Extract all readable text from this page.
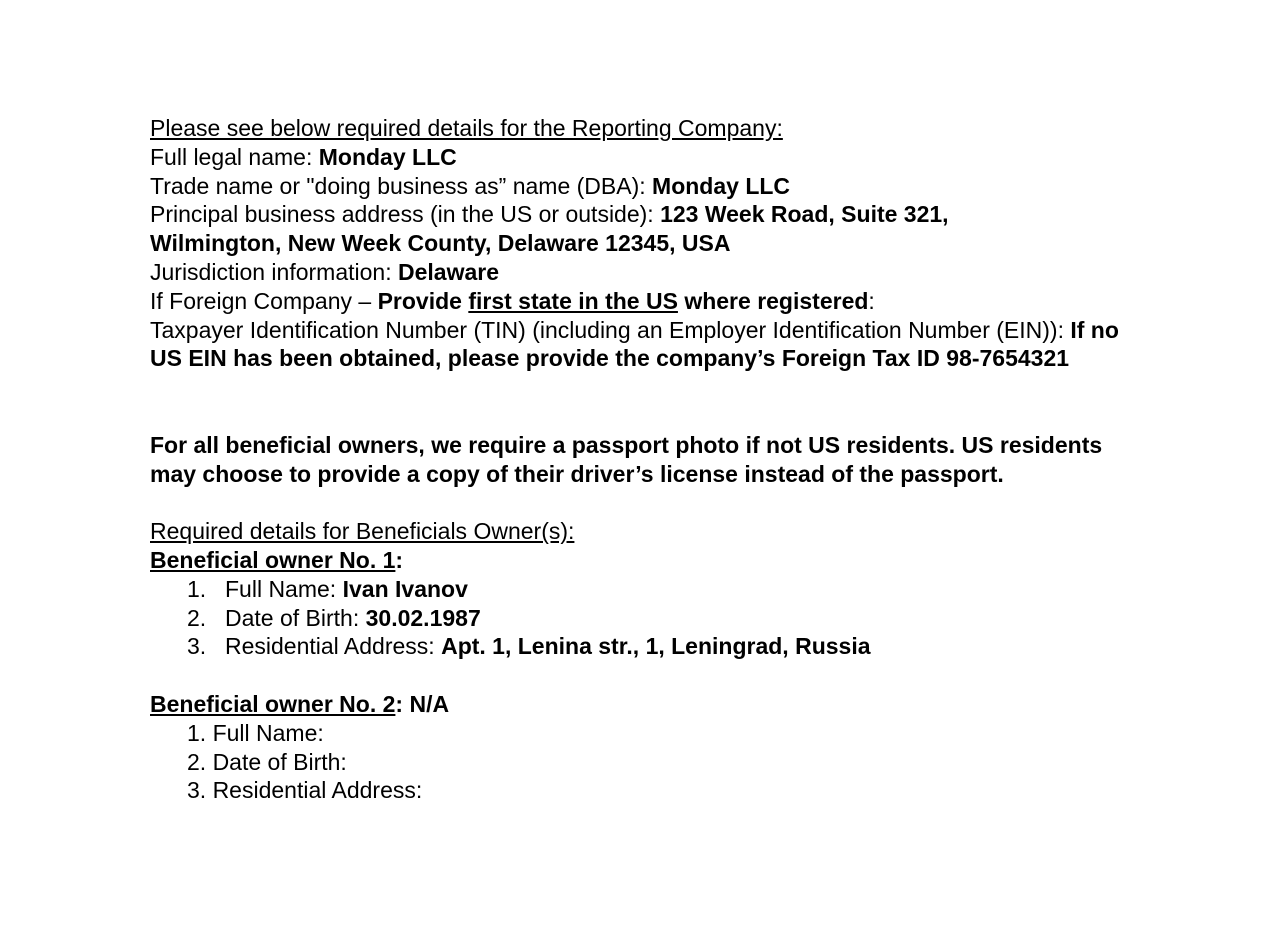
Please see below required details for the Reporting Company:
Full legal name: Monday LLC
Trade name or "doing business as” name (DBA): Monday LLC
Principal business address (in the US or outside): 123 Week Road, Suite 321,
Wilmington, New Week County, Delaware 12345, USA
Jurisdiction information: Delaware
If Foreign Company – Provide first state in the US where registered:
Taxpayer Identification Number (TIN) (including an Employer Identification Number (EIN)): If no US EIN has been obtained, please provide the company’s Foreign Tax ID 98-7654321
For all beneficial owners, we require a passport photo if not US residents. US residents may choose to provide a copy of their driver’s license instead of the passport.
Required details for Beneficials Owner(s):
Beneficial owner No. 1:
1. Full Name: Ivan Ivanov
2. Date of Birth: 30.02.1987
3. Residential Address: Apt. 1, Lenina str., 1, Leningrad, Russia
Beneficial owner No. 2: N/A
1. Full Name:
2. Date of Birth:
3. Residential Address:
